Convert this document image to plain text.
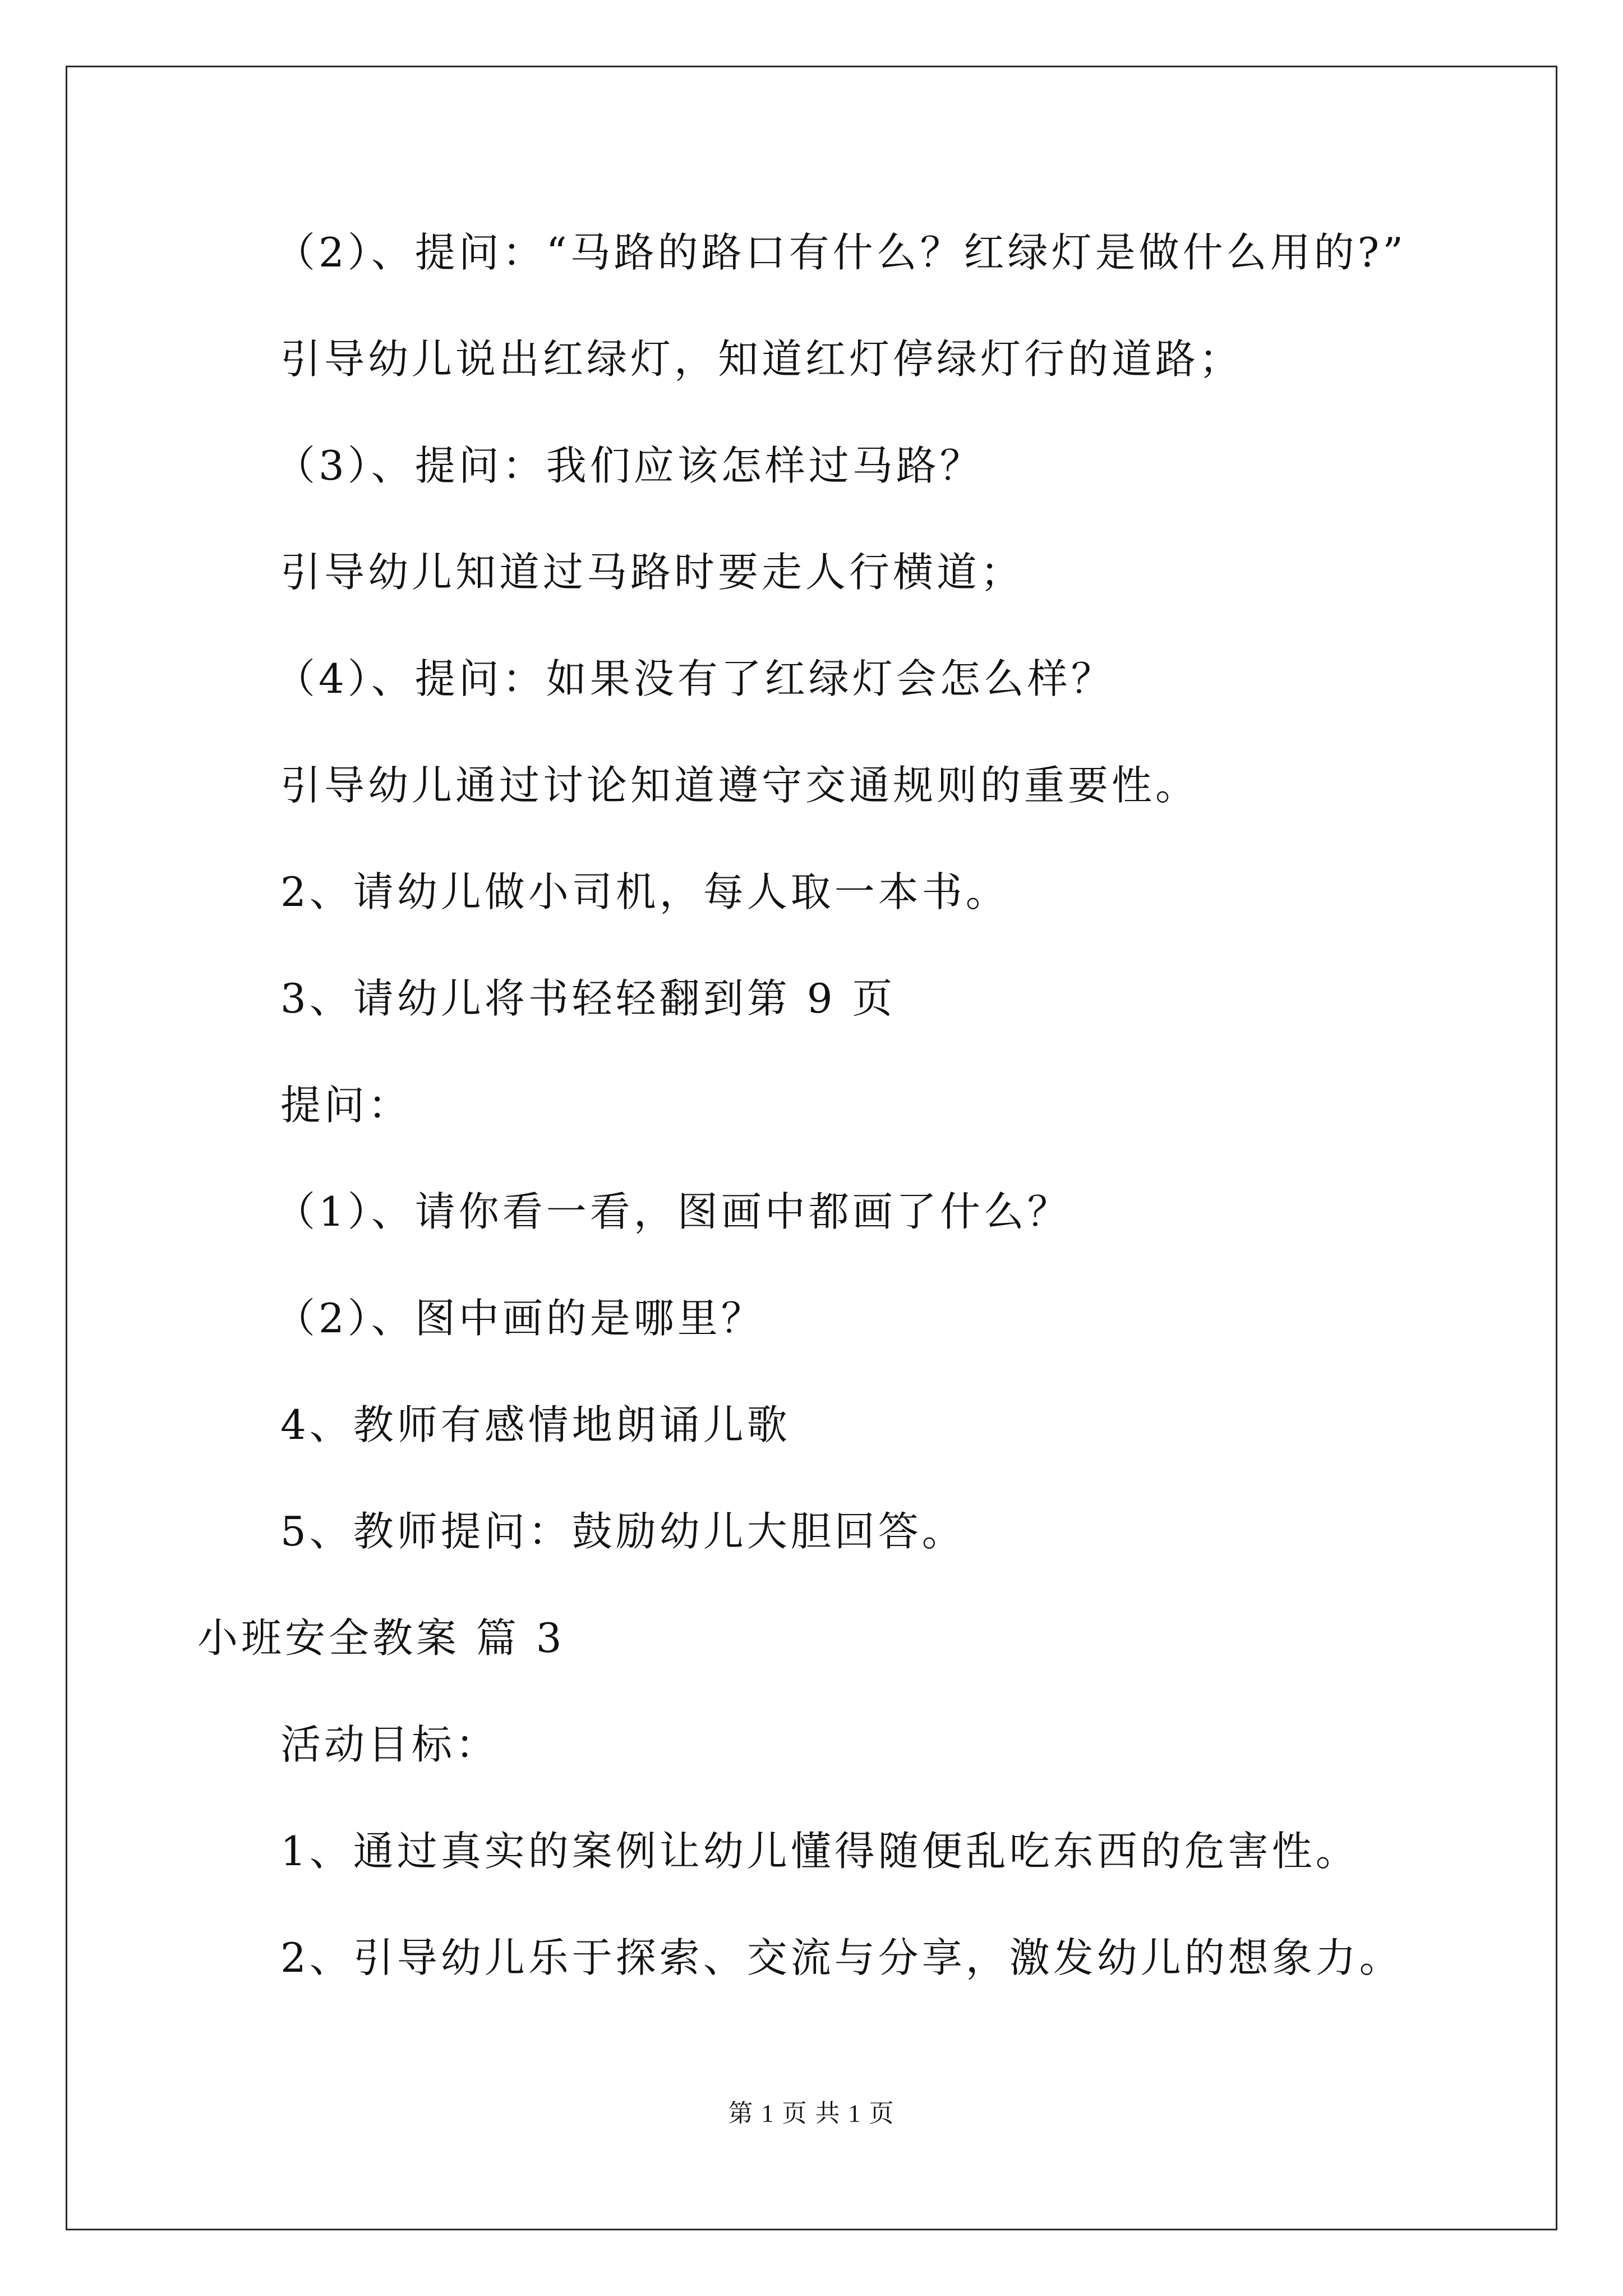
（2）、提问：“马路的路口有什么？红绿灯是做什么用的?”
引导幼儿说出红绿灯，知道红灯停绿灯行的道路；
（3）、提问：我们应该怎样过马路？
引导幼儿知道过马路时要走人行横道；
（4）、提问：如果没有了红绿灯会怎么样？
引导幼儿通过讨论知道遵守交通规则的重要性。
2、请幼儿做小司机，每人取一本书。
3、请幼儿将书轻轻翻到第 9 页
提问：
（1）、请你看一看，图画中都画了什么？
（2）、图中画的是哪里？
4、教师有感情地朗诵儿歌
5、教师提问：鼓励幼儿大胆回答。
小班安全教案 篇 3
活动目标：
1、通过真实的案例让幼儿懂得随便乱吃东西的危害性。
2、引导幼儿乐于探索、交流与分享，激发幼儿的想象力。
第 1 页 共 1 页
